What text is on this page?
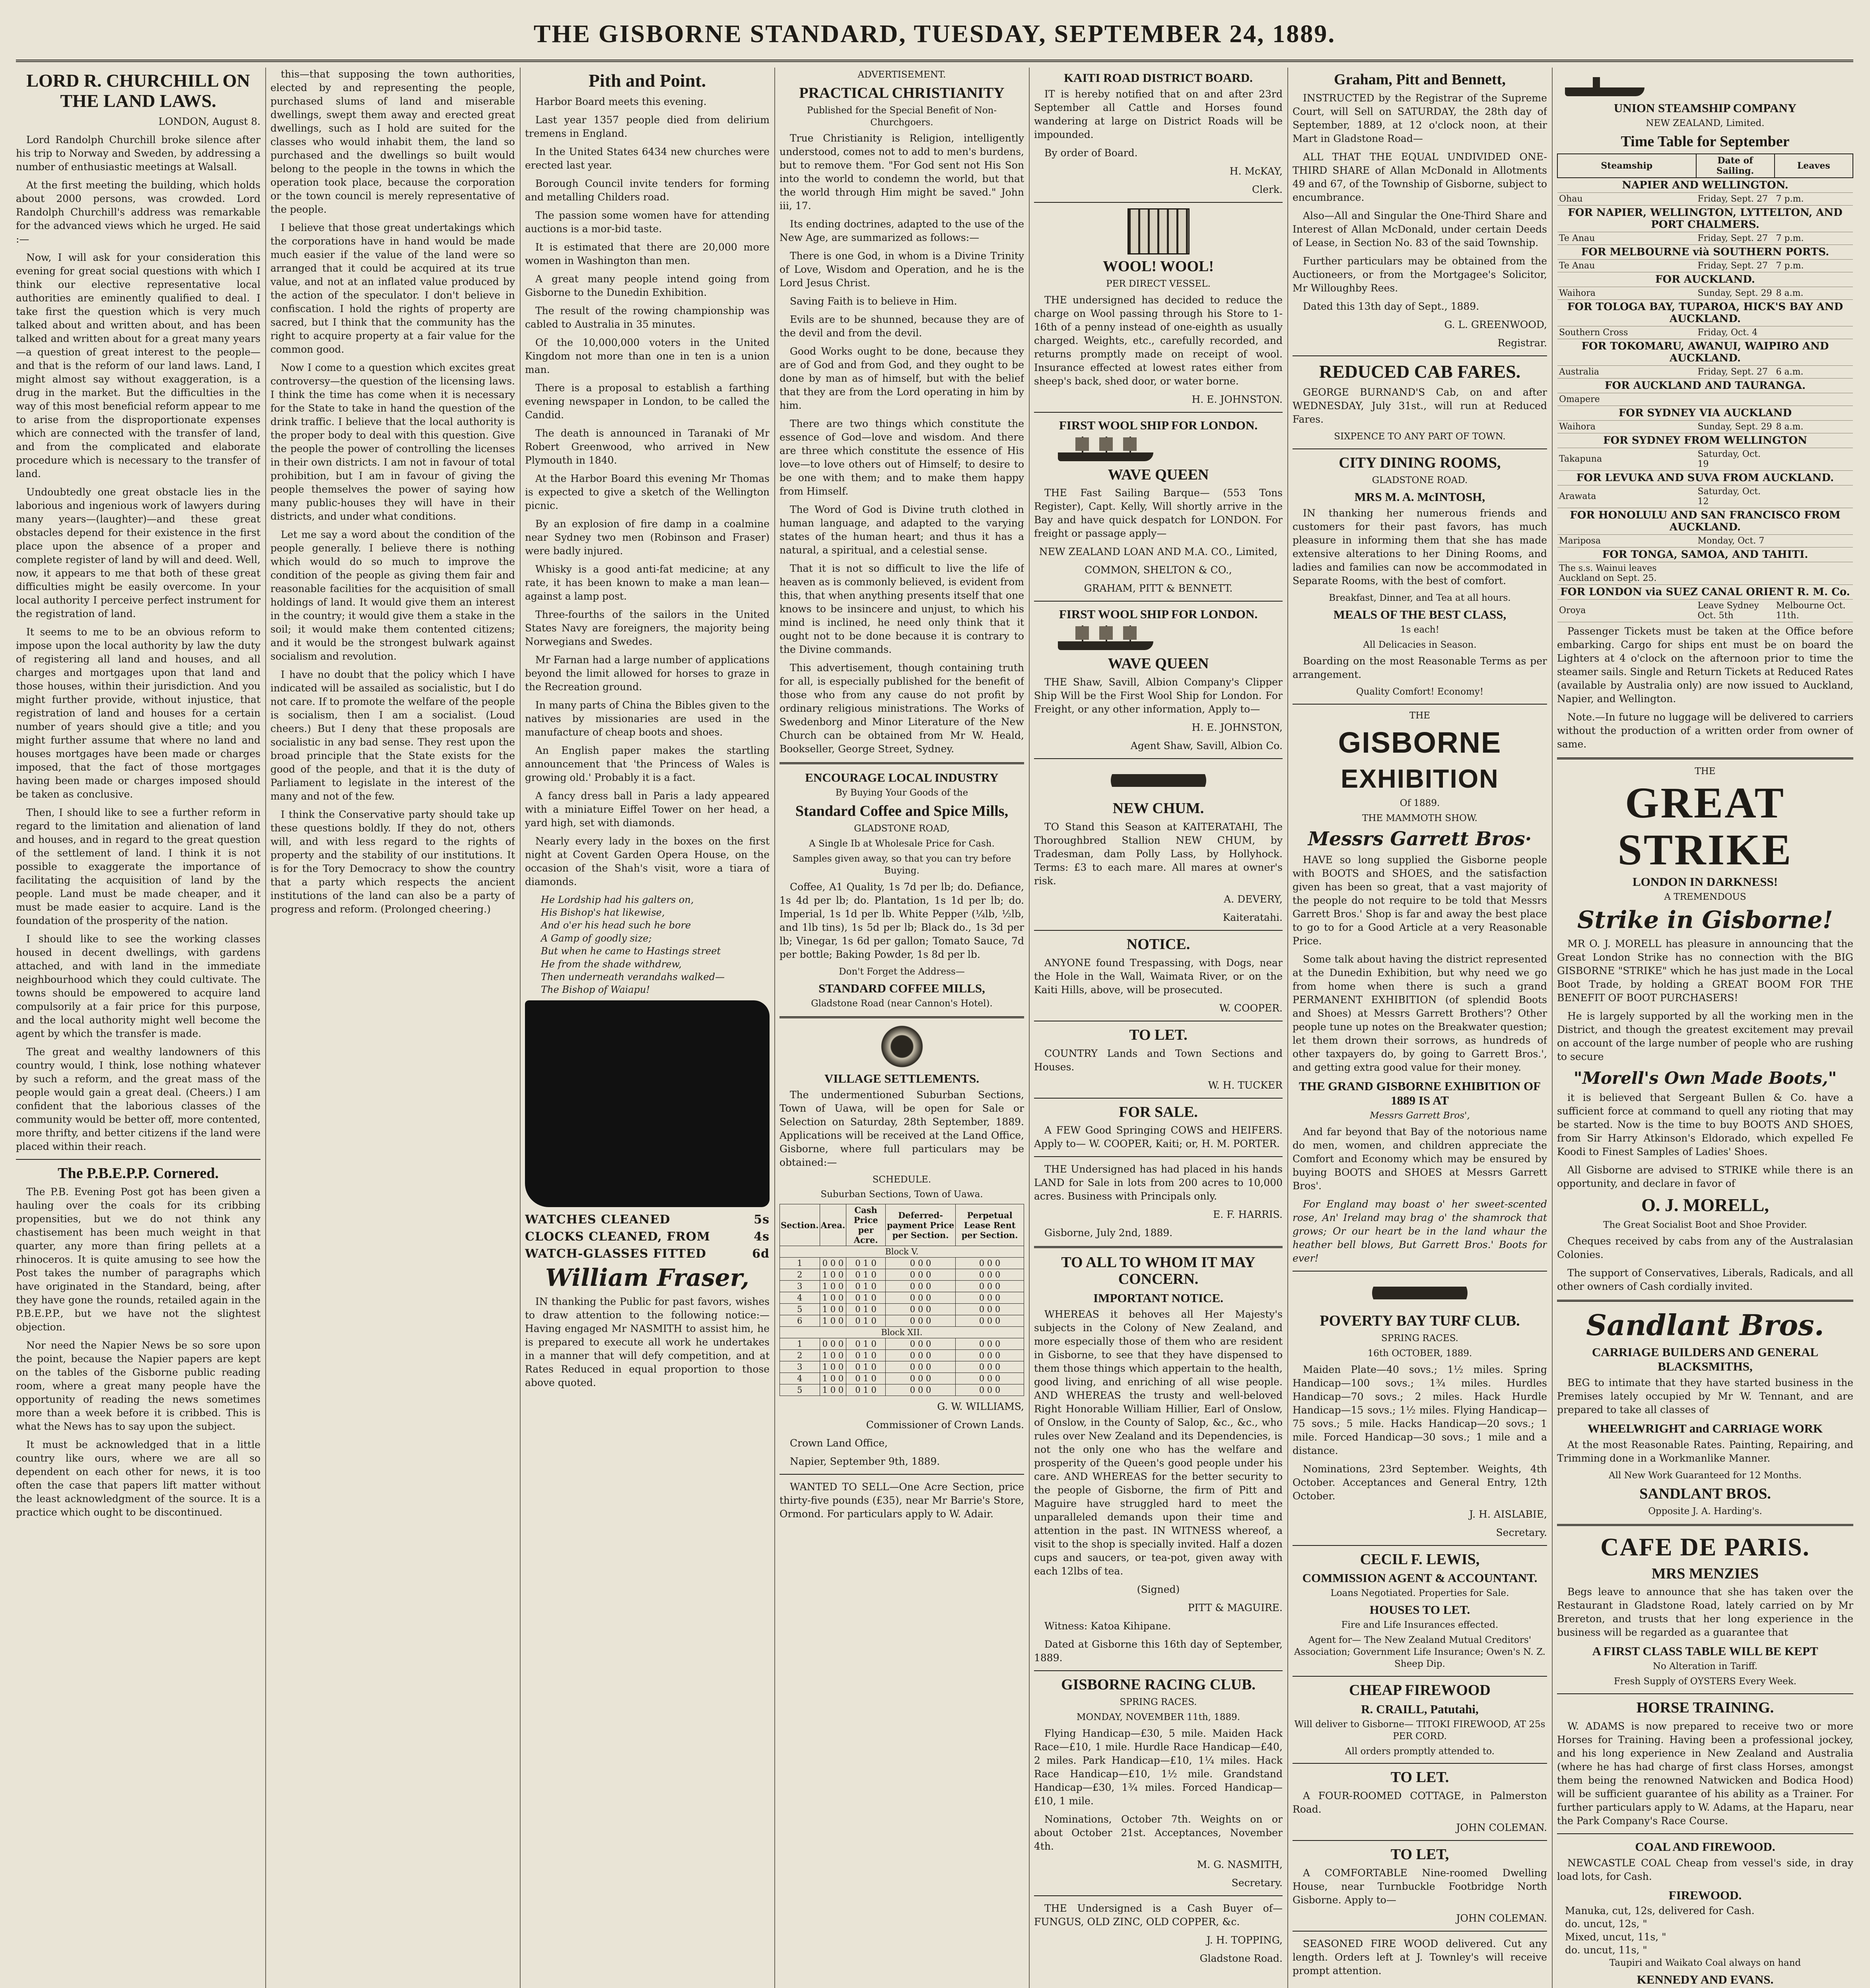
THE GISBORNE STANDARD, TUESDAY, SEPTEMBER 24, 1889.
LORD R. CHURCHILL ON THE LAND LAWS.

LONDON, August 8.

Lord Randolph Churchill broke silence after his trip to Norway and Sweden, by addressing a number of enthusiastic meetings at Walsall.

At the first meeting the building, which holds about 2000 persons, was crowded. Lord Randolph Churchill's address was remarkable for the advanced views which he urged. He said :—

Now, I will ask for your consideration this evening for great social questions with which I think our elective representative local authorities are eminently qualified to deal. I take first the question which is very much talked about and written about, and has been talked and written about for a great many years—a question of great interest to the people—and that is the reform of our land laws. Land, I might almost say without exaggeration, is a drug in the market. But the difficulties in the way of this most beneficial reform appear to me to arise from the disproportionate expenses which are connected with the transfer of land, and from the complicated and elaborate procedure which is necessary to the transfer of land.

Undoubtedly one great obstacle lies in the laborious and ingenious work of lawyers during many years—(laughter)—and these great obstacles depend for their existence in the first place upon the absence of a proper and complete register of land by will and deed. Well, now, it appears to me that both of these great difficulties might be easily overcome. In your local authority I perceive perfect instrument for the registration of land.

It seems to me to be an obvious reform to impose upon the local authority by law the duty of registering all land and houses, and all charges and mortgages upon that land and those houses, within their jurisdiction. And you might further provide, without injustice, that registration of land and houses for a certain number of years should give a title; and you might further assume that where no land and houses mortgages have been made or charges imposed, that the fact of those mortgages having been made or charges imposed should be taken as conclusive.

Then, I should like to see a further reform in regard to the limitation and alienation of land and houses, and in regard to the great question of the settlement of land. I think it is not possible to exaggerate the importance of facilitating the acquisition of land by the people. Land must be made cheaper, and it must be made easier to acquire. Land is the foundation of the prosperity of the nation.

I should like to see the working classes housed in decent dwellings, with gardens attached, and with land in the immediate neighbourhood which they could cultivate. The towns should be empowered to acquire land compulsorily at a fair price for this purpose, and the local authority might well become the agent by which the transfer is made.

The great and wealthy landowners of this country would, I think, lose nothing whatever by such a reform, and the great mass of the people would gain a great deal. (Cheers.) I am confident that the laborious classes of the community would be better off, more contented, more thrifty, and better citizens if the land were placed within their reach.

The P.B.E.P.P. Cornered.

The P.B. Evening Post got has been given a hauling over the coals for its cribbing propensities, but we do not think any chastisement has been much weight in that quarter, any more than firing pellets at a rhinoceros. It is quite amusing to see how the Post takes the number of paragraphs which have originated in the Standard, being, after they have gone the rounds, retailed again in the P.B.E.P.P., but we have not the slightest objection.

Nor need the Napier News be so sore upon the point, because the Napier papers are kept on the tables of the Gisborne public reading room, where a great many people have the opportunity of reading the news sometimes more than a week before it is cribbed. This is what the News has to say upon the subject.

It must be acknowledged that in a little country like ours, where we are all so dependent on each other for news, it is too often the case that papers lift matter without the least acknowledgment of the source. It is a practice which ought to be discontinued.

this—that supposing the town authorities, elected by and representing the people, purchased slums of land and miserable dwellings, swept them away and erected great dwellings, such as I hold are suited for the classes who would inhabit them, the land so purchased and the dwellings so built would belong to the people in the towns in which the operation took place, because the corporation or the town council is merely representative of the people.

I believe that those great undertakings which the corporations have in hand would be made much easier if the value of the land were so arranged that it could be acquired at its true value, and not at an inflated value produced by the action of the speculator. I don't believe in confiscation. I hold the rights of property are sacred, but I think that the community has the right to acquire property at a fair value for the common good.

Now I come to a question which excites great controversy—the question of the licensing laws. I think the time has come when it is necessary for the State to take in hand the question of the drink traffic. I believe that the local authority is the proper body to deal with this question. Give the people the power of controlling the licenses in their own districts. I am not in favour of total prohibition, but I am in favour of giving the people themselves the power of saying how many public-houses they will have in their districts, and under what conditions.

Let me say a word about the condition of the people generally. I believe there is nothing which would do so much to improve the condition of the people as giving them fair and reasonable facilities for the acquisition of small holdings of land. It would give them an interest in the country; it would give them a stake in the soil; it would make them contented citizens; and it would be the strongest bulwark against socialism and revolution.

I have no doubt that the policy which I have indicated will be assailed as socialistic, but I do not care. If to promote the welfare of the people is socialism, then I am a socialist. (Loud cheers.) But I deny that these proposals are socialistic in any bad sense. They rest upon the broad principle that the State exists for the good of the people, and that it is the duty of Parliament to legislate in the interest of the many and not of the few.

I think the Conservative party should take up these questions boldly. If they do not, others will, and with less regard to the rights of property and the stability of our institutions. It is for the Tory Democracy to show the country that a party which respects the ancient institutions of the land can also be a party of progress and reform. (Prolonged cheering.)

Pith and Point.

Harbor Board meets this evening.

Last year 1357 people died from delirium tremens in England.

In the United States 6434 new churches were erected last year.

Borough Council invite tenders for forming and metalling Childers road.

The passion some women have for attending auctions is a mor-bid taste.

It is estimated that there are 20,000 more women in Washington than men.

A great many people intend going from Gisborne to the Dunedin Exhibition.

The result of the rowing championship was cabled to Australia in 35 minutes.

Of the 10,000,000 voters in the United Kingdom not more than one in ten is a union man.

There is a proposal to establish a farthing evening newspaper in London, to be called the Candid.

The death is announced in Taranaki of Mr Robert Greenwood, who arrived in New Plymouth in 1840.

At the Harbor Board this evening Mr Thomas is expected to give a sketch of the Wellington picnic.

By an explosion of fire damp in a coalmine near Sydney two men (Robinson and Fraser) were badly injured.

Whisky is a good anti-fat medicine; at any rate, it has been known to make a man lean—against a lamp post.

Three-fourths of the sailors in the United States Navy are foreigners, the majority being Norwegians and Swedes.

Mr Farnan had a large number of applications beyond the limit allowed for horses to graze in the Recreation ground.

In many parts of China the Bibles given to the natives by missionaries are used in the manufacture of cheap boots and shoes.

An English paper makes the startling announcement that 'the Princess of Wales is growing old.' Probably it is a fact.

A fancy dress ball in Paris a lady appeared with a miniature Eiffel Tower on her head, a yard high, set with diamonds.

Nearly every lady in the boxes on the first night at Covent Garden Opera House, on the occasion of the Shah's visit, wore a tiara of diamonds.

He Lordship had his galters on,
His Bishop's hat likewise,
And o'er his head such he bore
A Gamp of goodly size;
But when he came to Hastings street
He from the shade withdrew,
Then underneath verandahs walked—
The Bishop of Waiapu!
WATCHES CLEANED	5s
CLOCKS CLEANED, FROM	4s
WATCH-GLASSES FITTED	6d
William Fraser,

IN thanking the Public for past favors, wishes to draw attention to the following notice:— Having engaged Mr NASMITH to assist him, he is prepared to execute all work he undertakes in a manner that will defy competition, and at Rates Reduced in equal proportion to those above quoted.

ADVERTISEMENT.

PRACTICAL CHRISTIANITY

Published for the Special Benefit of Non-Churchgoers.

True Christianity is Religion, intelligently understood, comes not to add to men's burdens, but to remove them. "For God sent not His Son into the world to condemn the world, but that the world through Him might be saved." John iii, 17.

Its ending doctrines, adapted to the use of the New Age, are summarized as follows:—

There is one God, in whom is a Divine Trinity of Love, Wisdom and Operation, and he is the Lord Jesus Christ.

Saving Faith is to believe in Him.

Evils are to be shunned, because they are of the devil and from the devil.

Good Works ought to be done, because they are of God and from God, and they ought to be done by man as of himself, but with the belief that they are from the Lord operating in him by him.

There are two things which constitute the essence of God—love and wisdom. And there are three which constitute the essence of His love—to love others out of Himself; to desire to be one with them; and to make them happy from Himself.

The Word of God is Divine truth clothed in human language, and adapted to the varying states of the human heart; and thus it has a natural, a spiritual, and a celestial sense.

That it is not so difficult to live the life of heaven as is commonly believed, is evident from this, that when anything presents itself that one knows to be insincere and unjust, to which his mind is inclined, he need only think that it ought not to be done because it is contrary to the Divine commands.

This advertisement, though containing truth for all, is especially published for the benefit of those who from any cause do not profit by ordinary religious ministrations. The Works of Swedenborg and Minor Literature of the New Church can be obtained from Mr W. Heald, Bookseller, George Street, Sydney.

ENCOURAGE LOCAL INDUSTRY

By Buying Your Goods of the

Standard Coffee and Spice Mills,

GLADSTONE ROAD,

A Single Ib at Wholesale Price for Cash.

Samples given away, so that you can try before Buying.

Coffee, A1 Quality, 1s 7d per lb; do. Defiance, 1s 4d per lb; do. Plantation, 1s 1d per lb; do. Imperial, 1s 1d per lb. White Pepper (¼lb, ½lb, and 1lb tins), 1s 5d per lb; Black do., 1s 3d per lb; Vinegar, 1s 6d per gallon; Tomato Sauce, 7d per bottle; Baking Powder, 1s 8d per lb.

Don't Forget the Address—

STANDARD COFFEE MILLS,

Gladstone Road (near Cannon's Hotel).

VILLAGE SETTLEMENTS.

The undermentioned Suburban Sections, Town of Uawa, will be open for Sale or Selection on Saturday, 28th September, 1889. Applications will be received at the Land Office, Gisborne, where full particulars may be obtained:—

SCHEDULE.

Suburban Sections, Town of Uawa.

Section.	Area.	Cash Price per Acre.	Deferred-payment Price per Section.	Perpetual Lease Rent per Section.
Block V.				
1	0 0 0	0 1 0	0 0 0	0 0 0
2	1 0 0	0 1 0	0 0 0	0 0 0
3	1 0 0	0 1 0	0 0 0	0 0 0
4	1 0 0	0 1 0	0 0 0	0 0 0
5	1 0 0	0 1 0	0 0 0	0 0 0
6	1 0 0	0 1 0	0 0 0	0 0 0
Block XII.				
1	0 0 0	0 1 0	0 0 0	0 0 0
2	1 0 0	0 1 0	0 0 0	0 0 0
3	1 0 0	0 1 0	0 0 0	0 0 0
4	1 0 0	0 1 0	0 0 0	0 0 0
5	1 0 0	0 1 0	0 0 0	0 0 0

G. W. WILLIAMS,

Commissioner of Crown Lands.

Crown Land Office,

Napier, September 9th, 1889.

WANTED TO SELL—One Acre Section, price thirty-five pounds (£35), near Mr Barrie's Store, Ormond. For particulars apply to W. Adair.

KAITI ROAD DISTRICT BOARD.

IT is hereby notified that on and after 23rd September all Cattle and Horses found wandering at large on District Roads will be impounded.

By order of Board.

H. McKAY,

Clerk.

WOOL! WOOL!

PER DIRECT VESSEL.

THE undersigned has decided to reduce the charge on Wool passing through his Store to 1-16th of a penny instead of one-eighth as usually charged. Weights, etc., carefully recorded, and returns promptly made on receipt of wool. Insurance effected at lowest rates either from sheep's back, shed door, or water borne.

H. E. JOHNSTON.

FIRST WOOL SHIP FOR LONDON.
WAVE QUEEN

THE Fast Sailing Barque— (553 Tons Register), Capt. Kelly, Will shortly arrive in the Bay and have quick despatch for LONDON. For freight or passage apply—

NEW ZEALAND LOAN AND M.A. CO., Limited,

COMMON, SHELTON & CO.,

GRAHAM, PITT & BENNETT.

FIRST WOOL SHIP FOR LONDON.
WAVE QUEEN

THE Shaw, Savill, Albion Company's Clipper Ship Will be the First Wool Ship for London. For Freight, or any other information, Apply to—

H. E. JOHNSTON,

Agent Shaw, Savill, Albion Co.

NEW CHUM.

TO Stand this Season at KAITERATAHI, The Thoroughbred Stallion NEW CHUM, by Tradesman, dam Polly Lass, by Hollyhock. Terms: £3 to each mare. All mares at owner's risk.

A. DEVERY,

Kaiteratahi.

NOTICE.

ANYONE found Trespassing, with Dogs, near the Hole in the Wall, Waimata River, or on the Kaiti Hills, above, will be prosecuted.

W. COOPER.

TO LET.

COUNTRY Lands and Town Sections and Houses.

W. H. TUCKER

FOR SALE.

A FEW Good Springing COWS and HEIFERS. Apply to— W. COOPER, Kaiti; or, H. M. PORTER.

THE Undersigned has had placed in his hands LAND for Sale in lots from 200 acres to 10,000 acres. Business with Principals only.

E. F. HARRIS.

Gisborne, July 2nd, 1889.

TO ALL TO WHOM IT MAY CONCERN.
IMPORTANT NOTICE.

WHEREAS it behoves all Her Majesty's subjects in the Colony of New Zealand, and more especially those of them who are resident in Gisborne, to see that they have dispensed to them those things which appertain to the health, good living, and enriching of all wise people. AND WHEREAS the trusty and well-beloved Right Honorable William Hillier, Earl of Onslow, of Onslow, in the County of Salop, &c., &c., who rules over New Zealand and its Dependencies, is not the only one who has the welfare and prosperity of the Queen's good people under his care. AND WHEREAS for the better security to the people of Gisborne, the firm of Pitt and Maguire have struggled hard to meet the unparalleled demands upon their time and attention in the past. IN WITNESS whereof, a visit to the shop is specially invited. Half a dozen cups and saucers, or tea-pot, given away with each 12lbs of tea.

(Signed)

PITT & MAGUIRE.

Witness: Katoa Kihipane.

Dated at Gisborne this 16th day of September, 1889.

GISBORNE RACING CLUB.

SPRING RACES.

MONDAY, NOVEMBER 11th, 1889.

Flying Handicap—£30, 5 mile. Maiden Hack Race—£10, 1 mile. Hurdle Race Handicap—£40, 2 miles. Park Handicap—£10, 1¼ miles. Hack Race Handicap—£10, 1½ mile. Grandstand Handicap—£30, 1¾ miles. Forced Handicap—£10, 1 mile.

Nominations, October 7th. Weights on or about October 21st. Acceptances, November 4th.

M. G. NASMITH,

Secretary.

THE Undersigned is a Cash Buyer of— FUNGUS, OLD ZINC, OLD COPPER, &c.

J. H. TOPPING,

Gladstone Road.

Graham, Pitt and Bennett,

INSTRUCTED by the Registrar of the Supreme Court, will Sell on SATURDAY, the 28th day of September, 1889, at 12 o'clock noon, at their Mart in Gladstone Road—

ALL THAT THE EQUAL UNDIVIDED ONE-THIRD SHARE of Allan McDonald in Allotments 49 and 67, of the Township of Gisborne, subject to encumbrance.

Also—All and Singular the One-Third Share and Interest of Allan McDonald, under certain Deeds of Lease, in Section No. 83 of the said Township.

Further particulars may be obtained from the Auctioneers, or from the Mortgagee's Solicitor, Mr Willoughby Rees.

Dated this 13th day of Sept., 1889.

G. L. GREENWOOD,

Registrar.

REDUCED CAB FARES.

GEORGE BURNAND'S Cab, on and after WEDNESDAY, July 31st., will run at Reduced Fares.

SIXPENCE TO ANY PART OF TOWN.

CITY DINING ROOMS,

GLADSTONE ROAD.

MRS M. A. McINTOSH,

IN thanking her numerous friends and customers for their past favors, has much pleasure in informing them that she has made extensive alterations to her Dining Rooms, and ladies and families can now be accommodated in Separate Rooms, with the best of comfort.

Breakfast, Dinner, and Tea at all hours.

MEALS OF THE BEST CLASS,

1s each!

All Delicacies in Season.

Boarding on the most Reasonable Terms as per arrangement.

Quality Comfort! Economy!

THE

GISBORNE
EXHIBITION

Of 1889.

THE MAMMOTH SHOW.

Messrs Garrett Bros·

HAVE so long supplied the Gisborne people with BOOTS and SHOES, and the satisfaction given has been so great, that a vast majority of the people do not require to be told that Messrs Garrett Bros.' Shop is far and away the best place to go to for a Good Article at a very Reasonable Price.

Some talk about having the district represented at the Dunedin Exhibition, but why need we go from home when there is such a grand PERMANENT EXHIBITION (of splendid Boots and Shoes) at Messrs Garrett Brothers'? Other people tune up notes on the Breakwater question; let them drown their sorrows, as hundreds of other taxpayers do, by going to Garrett Bros.', and getting extra good value for their money.

THE GRAND GISBORNE EXHIBITION OF 1889 IS AT

Messrs Garrett Bros',

And far beyond that Bay of the notorious name do men, women, and children appreciate the Comfort and Economy which may be ensured by buying BOOTS and SHOES at Messrs Garrett Bros'.

For England may boast o' her sweet-scented rose, An' Ireland may brag o' the shamrock that grows; Or our heart be in the land whaur the heather bell blows, But Garrett Bros.' Boots for ever!

POVERTY BAY TURF CLUB.

SPRING RACES.

16th OCTOBER, 1889.

Maiden Plate—40 sovs.; 1½ miles. Spring Handicap—100 sovs.; 1¾ miles. Hurdles Handicap—70 sovs.; 2 miles. Hack Hurdle Handicap—15 sovs.; 1½ miles. Flying Handicap—75 sovs.; 5 mile. Hacks Handicap—20 sovs.; 1 mile. Forced Handicap—30 sovs.; 1 mile and a distance.

Nominations, 23rd September. Weights, 4th October. Acceptances and General Entry, 12th October.

J. H. AISLABIE,

Secretary.

CECIL F. LEWIS,
COMMISSION AGENT & ACCOUNTANT.

Loans Negotiated. Properties for Sale.

HOUSES TO LET.

Fire and Life Insurances effected.

Agent for— The New Zealand Mutual Creditors' Association; Government Life Insurance; Owen's N. Z. Sheep Dip.

CHEAP FIREWOOD
R. CRAILL, Patutahi,

Will deliver to Gisborne— TITOKI FIREWOOD, AT 25s PER CORD.

All orders promptly attended to.

TO LET.

A FOUR-ROOMED COTTAGE, in Palmerston Road.

JOHN COLEMAN.

TO LET,

A COMFORTABLE Nine-roomed Dwelling House, near Turnbuckle Footbridge North Gisborne. Apply to—

JOHN COLEMAN.

SEASONED FIRE WOOD delivered. Cut any length. Orders left at J. Townley's will receive prompt attention.

UNION STEAMSHIP COMPANY

NEW ZEALAND, Limited.

Time Table for September
Steamship	Date of Sailing.	Leaves
NAPIER AND WELLINGTON.		
Ohau	Friday, Sept. 27	7 p.m.
FOR NAPIER, WELLINGTON, LYTTELTON, AND PORT CHALMERS.		
Te Anau	Friday, Sept. 27	7 p.m.
FOR MELBOURNE vià SOUTHERN PORTS.		
Te Anau	Friday, Sept. 27	7 p.m.
FOR AUCKLAND.		
Waihora	Sunday, Sept. 29	8 a.m.
FOR TOLOGA BAY, TUPAROA, HICK'S BAY AND AUCKLAND.		
Southern Cross	Friday, Oct. 4	
FOR TOKOMARU, AWANUI, WAIPIRO AND AUCKLAND.		
Australia	Friday, Sept. 27	6 a.m.
FOR AUCKLAND AND TAURANGA.		
Omapere		
FOR SYDNEY VIA AUCKLAND		
Waihora	Sunday, Sept. 29	8 a.m.
FOR SYDNEY FROM WELLINGTON		
Takapuna	Saturday, Oct. 19	
FOR LEVUKA AND SUVA FROM AUCKLAND.		
Arawata	Saturday, Oct. 12	
FOR HONOLULU AND SAN FRANCISCO FROM AUCKLAND.		
Mariposa	Monday, Oct. 7	
FOR TONGA, SAMOA, AND TAHITI.		
The s.s. Wainui leaves Auckland on Sept. 25.		
FOR LONDON via SUEZ CANAL ORIENT R. M. Co.		
Oroya	Leave Sydney Oct. 5th	Melbourne Oct. 11th.

Passenger Tickets must be taken at the Office before embarking. Cargo for ships ent must be on board the Lighters at 4 o'clock on the afternoon prior to time the steamer sails. Single and Return Tickets at Reduced Rates (available by Australia only) are now issued to Auckland, Napier, and Wellington.

Note.—In future no luggage will be delivered to carriers without the production of a written order from owner of same.

THE

GREAT
STRIKE
LONDON IN DARKNESS!

A TREMENDOUS

Strike in Gisborne!

MR O. J. MORELL has pleasure in announcing that the Great London Strike has no connection with the BIG GISBORNE "STRIKE" which he has just made in the Local Boot Trade, by holding a GREAT BOOM FOR THE BENEFIT OF BOOT PURCHASERS!

He is largely supported by all the working men in the District, and though the greatest excitement may prevail on account of the large number of people who are rushing to secure

"Morell's Own Made Boots,"

it is believed that Sergeant Bullen & Co. have a sufficient force at command to quell any rioting that may be started. Now is the time to buy BOOTS AND SHOES, from Sir Harry Atkinson's Eldorado, which expelled Fe Koodi to Finest Samples of Ladies' Shoes.

All Gisborne are advised to STRIKE while there is an opportunity, and declare in favor of

O. J. MORELL,

The Great Socialist Boot and Shoe Provider.

Cheques received by cabs from any of the Australasian Colonies.

The support of Conservatives, Liberals, Radicals, and all other owners of Cash cordially invited.

Sandlant Bros.
CARRIAGE BUILDERS AND GENERAL BLACKSMITHS,

BEG to intimate that they have started business in the Premises lately occupied by Mr W. Tennant, and are prepared to take all classes of

WHEELWRIGHT and CARRIAGE WORK

At the most Reasonable Rates. Painting, Repairing, and Trimming done in a Workmanlike Manner.

All New Work Guaranteed for 12 Months.

SANDLANT BROS.

Opposite J. A. Harding's.

CAFE DE PARIS.
MRS MENZIES

Begs leave to announce that she has taken over the Restaurant in Gladstone Road, lately carried on by Mr Brereton, and trusts that her long experience in the business will be regarded as a guarantee that

A FIRST CLASS TABLE WILL BE KEPT

No Alteration in Tariff.

Fresh Supply of OYSTERS Every Week.

HORSE TRAINING.

W. ADAMS is now prepared to receive two or more Horses for Training. Having been a professional jockey, and his long experience in New Zealand and Australia (where he has had charge of first class Horses, amongst them being the renowned Natwicken and Bodica Hood) will be sufficient guarantee of his ability as a Trainer. For further particulars apply to W. Adams, at the Haparu, near the Park Company's Race Course.

COAL AND FIREWOOD.

NEWCASTLE COAL Cheap from vessel's side, in dray load lots, for Cash.

FIREWOOD.
Manuka, cut, 12s, delivered for Cash.
do. uncut, 12s, "
Mixed, uncut, 11s, "
do. uncut, 11s, "

Taupiri and Waikato Coal always on hand

KENNEDY AND EVANS.
